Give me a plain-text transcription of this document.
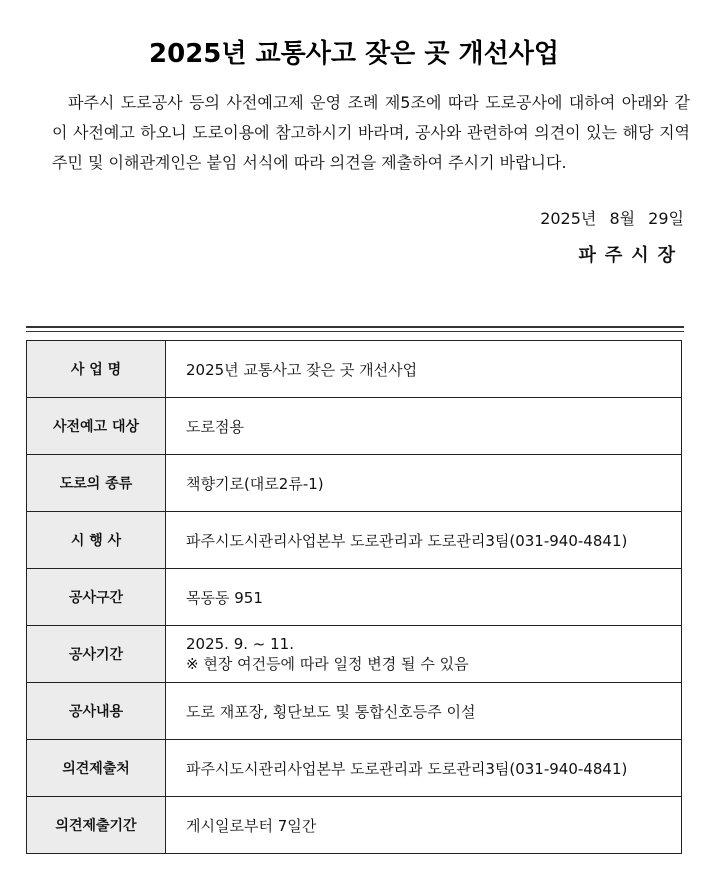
2025년 교통사고 잦은 곳 개선사업

파주시 도로공사 등의 사전예고제 운영 조례 제5조에 따라 도로공사에 대하여 아래와 같이 사전예고 하오니 도로이용에 참고하시기 바라며, 공사와 관련하여 의견이 있는 해당 지역 주민 및 이해관계인은 붙임 서식에 따라 의견을 제출하여 주시기 바랍니다.

2025년 8월 29일
파주시장
사 업 명	2025년 교통사고 잦은 곳 개선사업
사전예고 대상	도로점용
도로의 종류	책향기로(대로2류-1)
시 행 사	파주시도시관리사업본부 도로관리과 도로관리3팀(031-940-4841)
공사구간	목동동 951
공사기간	2025. 9. ~ 11.
※ 현장 여건등에 따라 일정 변경 될 수 있음

공사내용	도로 재포장, 횡단보도 및 통합신호등주 이설
의견제출처	파주시도시관리사업본부 도로관리과 도로관리3팀(031-940-4841)
의견제출기간	게시일로부터 7일간
